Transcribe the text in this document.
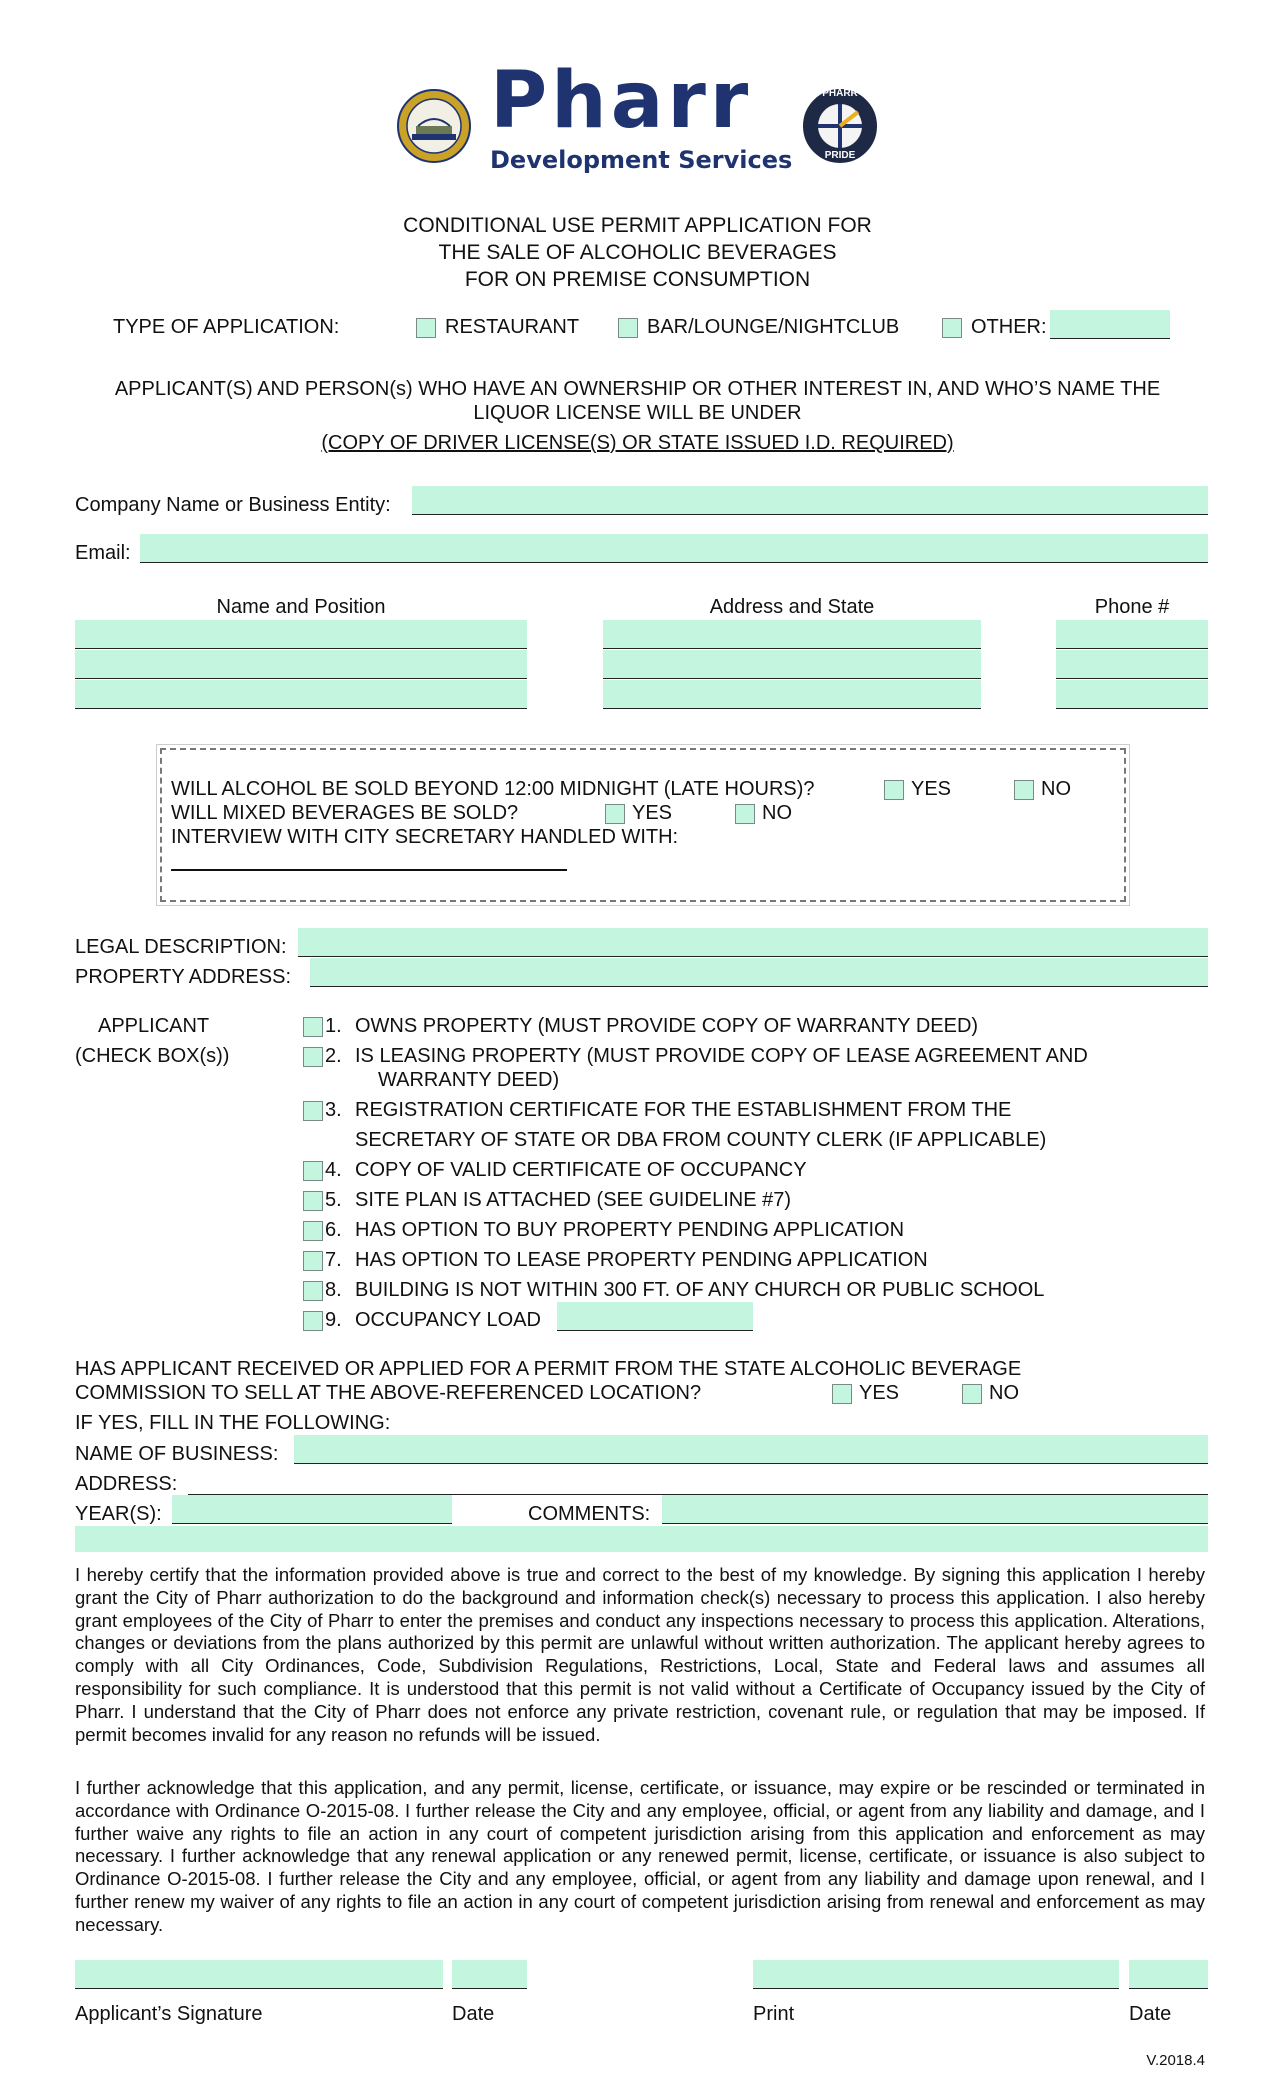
Pharr
Development Services
PHARR
PRIDE
CONDITIONAL USE PERMIT APPLICATION FOR
THE SALE OF ALCOHOLIC BEVERAGES
FOR ON PREMISE CONSUMPTION
TYPE OF APPLICATION:	RESTAURANT	BAR/LOUNGE/NIGHTCLUB	OTHER:
APPLICANT(S) AND PERSON(s) WHO HAVE AN OWNERSHIP OR OTHER INTEREST IN, AND WHO’S NAME THE
LIQUOR LICENSE WILL BE UNDER
(COPY OF DRIVER LICENSE(S) OR STATE ISSUED I.D. REQUIRED)
Company Name or Business Entity:
Email:
Name and Position	Address and State	Phone #
WILL ALCOHOL BE SOLD BEYOND 12:00 MIDNIGHT (LATE HOURS)?	YES	NO
WILL MIXED BEVERAGES BE SOLD?	YES	NO
INTERVIEW WITH CITY SECRETARY HANDLED WITH:
LEGAL DESCRIPTION:
PROPERTY ADDRESS:
APPLICANT
(CHECK BOX(s))
1. OWNS PROPERTY (MUST PROVIDE COPY OF WARRANTY DEED)
2. IS LEASING PROPERTY (MUST PROVIDE COPY OF LEASE AGREEMENT AND
WARRANTY DEED)
3. REGISTRATION CERTIFICATE FOR THE ESTABLISHMENT FROM THE
SECRETARY OF STATE OR DBA FROM COUNTY CLERK (IF APPLICABLE)
4. COPY OF VALID CERTIFICATE OF OCCUPANCY
5. SITE PLAN IS ATTACHED (SEE GUIDELINE #7)
6. HAS OPTION TO BUY PROPERTY PENDING APPLICATION
7. HAS OPTION TO LEASE PROPERTY PENDING APPLICATION
8. BUILDING IS NOT WITHIN 300 FT. OF ANY CHURCH OR PUBLIC SCHOOL
9. OCCUPANCY LOAD
HAS APPLICANT RECEIVED OR APPLIED FOR A PERMIT FROM THE STATE ALCOHOLIC BEVERAGE
COMMISSION TO SELL AT THE ABOVE-REFERENCED LOCATION?	YES	NO
IF YES, FILL IN THE FOLLOWING:
NAME OF BUSINESS:
ADDRESS:
YEAR(S):	COMMENTS:
I hereby certify that the information provided above is true and correct to the best of my knowledge. By signing this application I hereby grant the City of Pharr authorization to do the background and information check(s) necessary to process this application. I also hereby grant employees of the City of Pharr to enter the premises and conduct any inspections necessary to process this application. Alterations, changes or deviations from the plans authorized by this permit are unlawful without written authorization. The applicant hereby agrees to comply with all City Ordinances, Code, Subdivision Regulations, Restrictions, Local, State and Federal laws and assumes all responsibility for such compliance. It is understood that this permit is not valid without a Certificate of Occupancy issued by the City of Pharr. I understand that the City of Pharr does not enforce any private restriction, covenant rule, or regulation that may be imposed. If permit becomes invalid for any reason no refunds will be issued.
I further acknowledge that this application, and any permit, license, certificate, or issuance, may expire or be rescinded or terminated in accordance with Ordinance O-2015-08. I further release the City and any employee, official, or agent from any liability and damage, and I further waive any rights to file an action in any court of competent jurisdiction arising from this application and enforcement as may necessary. I further acknowledge that any renewal application or any renewed permit, license, certificate, or issuance is also subject to Ordinance O-2015-08. I further release the City and any employee, official, or agent from any liability and damage upon renewal, and I further renew my waiver of any rights to file an action in any court of competent jurisdiction arising from renewal and enforcement as may necessary.
Applicant’s Signature	Date	Print	Date
V.2018.4
